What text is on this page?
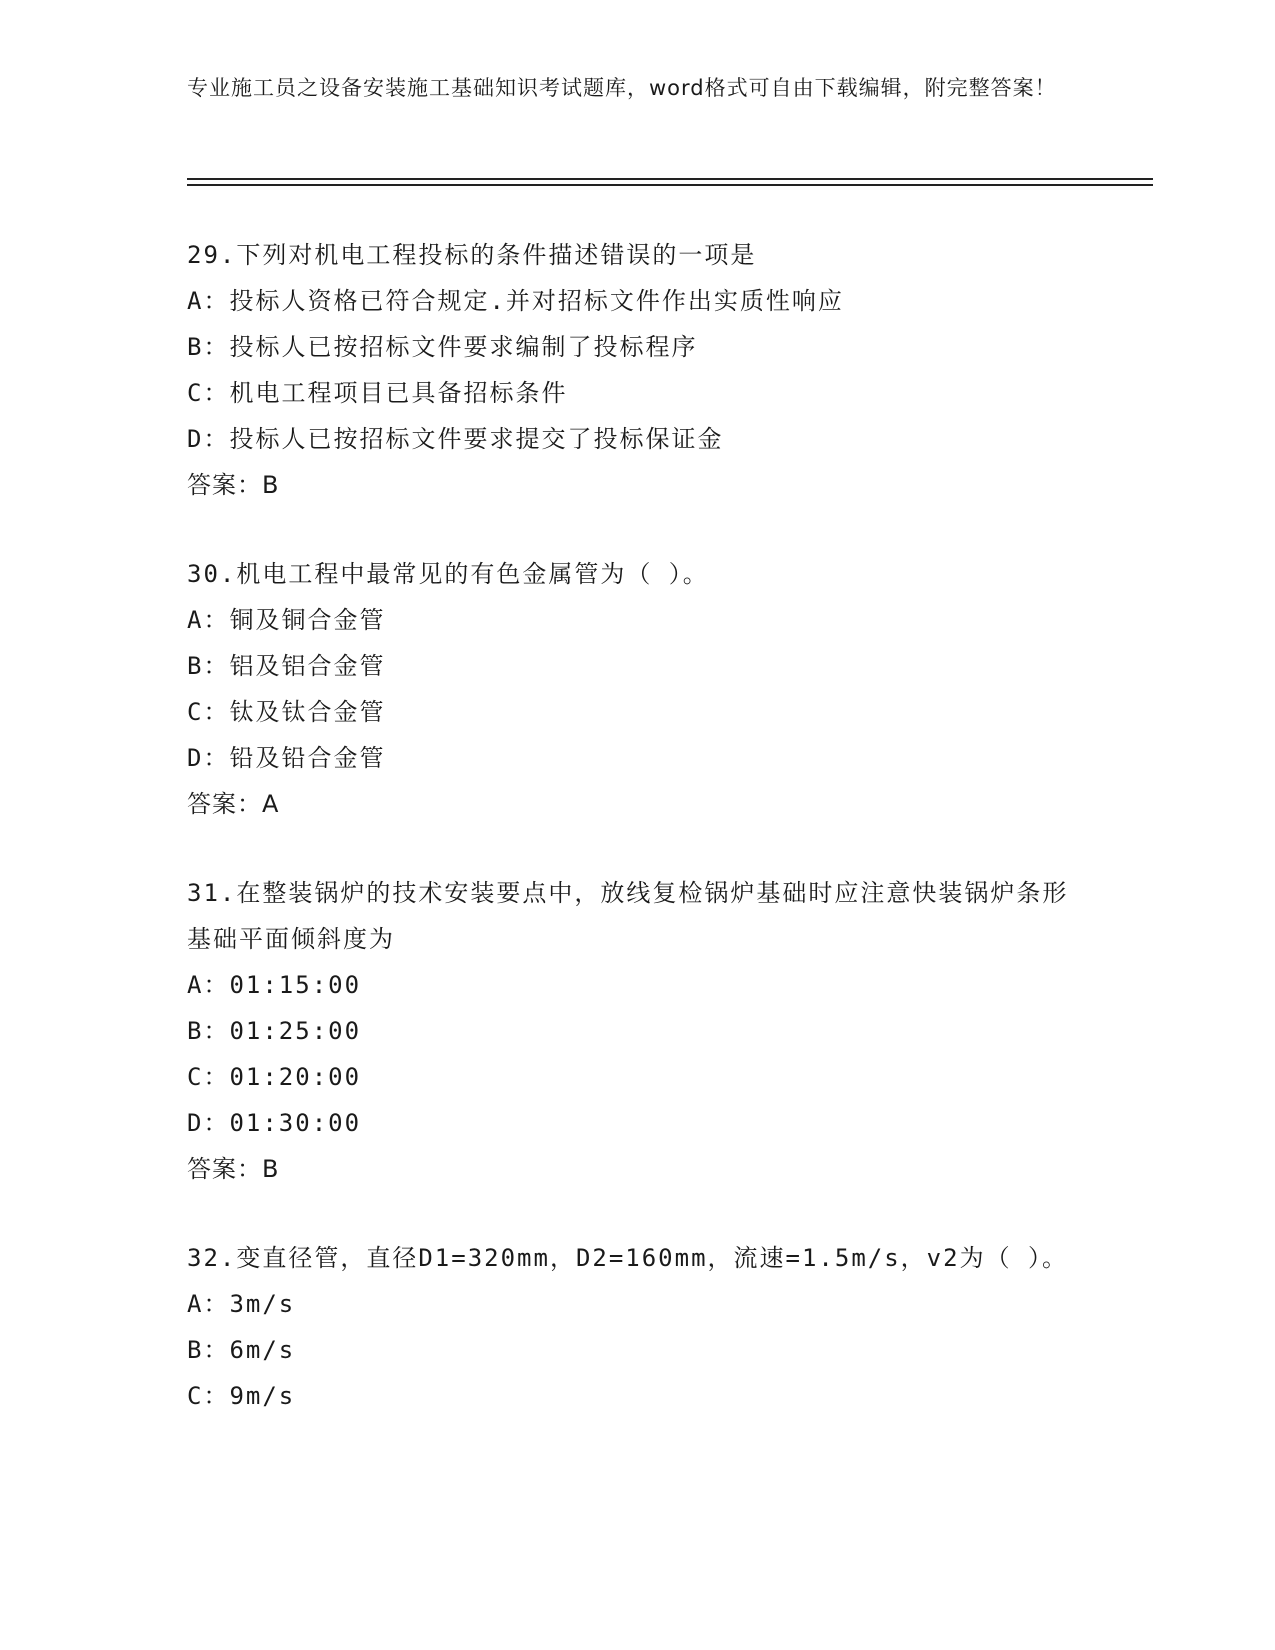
专业施工员之设备安装施工基础知识考试题库，word格式可自由下载编辑，附完整答案！
29.下列对机电工程投标的条件描述错误的一项是
A：投标人资格已符合规定.并对招标文件作出实质性响应
B：投标人已按招标文件要求编制了投标程序
C：机电工程项目已具备招标条件
D：投标人已按招标文件要求提交了投标保证金
答案：B
30.机电工程中最常见的有色金属管为（ ）。
A：铜及铜合金管
B：铝及铝合金管
C：钛及钛合金管
D：铅及铅合金管
答案：A
31.在整装锅炉的技术安装要点中，放线复检锅炉基础时应注意快装锅炉条形基础平面倾斜度为
A：01:15:00
B：01:25:00
C：01:20:00
D：01:30:00
答案：B
32.变直径管，直径D1=320mm，D2=160mm，流速=1.5m/s，v2为（ ）。
A：3m/s
B：6m/s
C：9m/s
